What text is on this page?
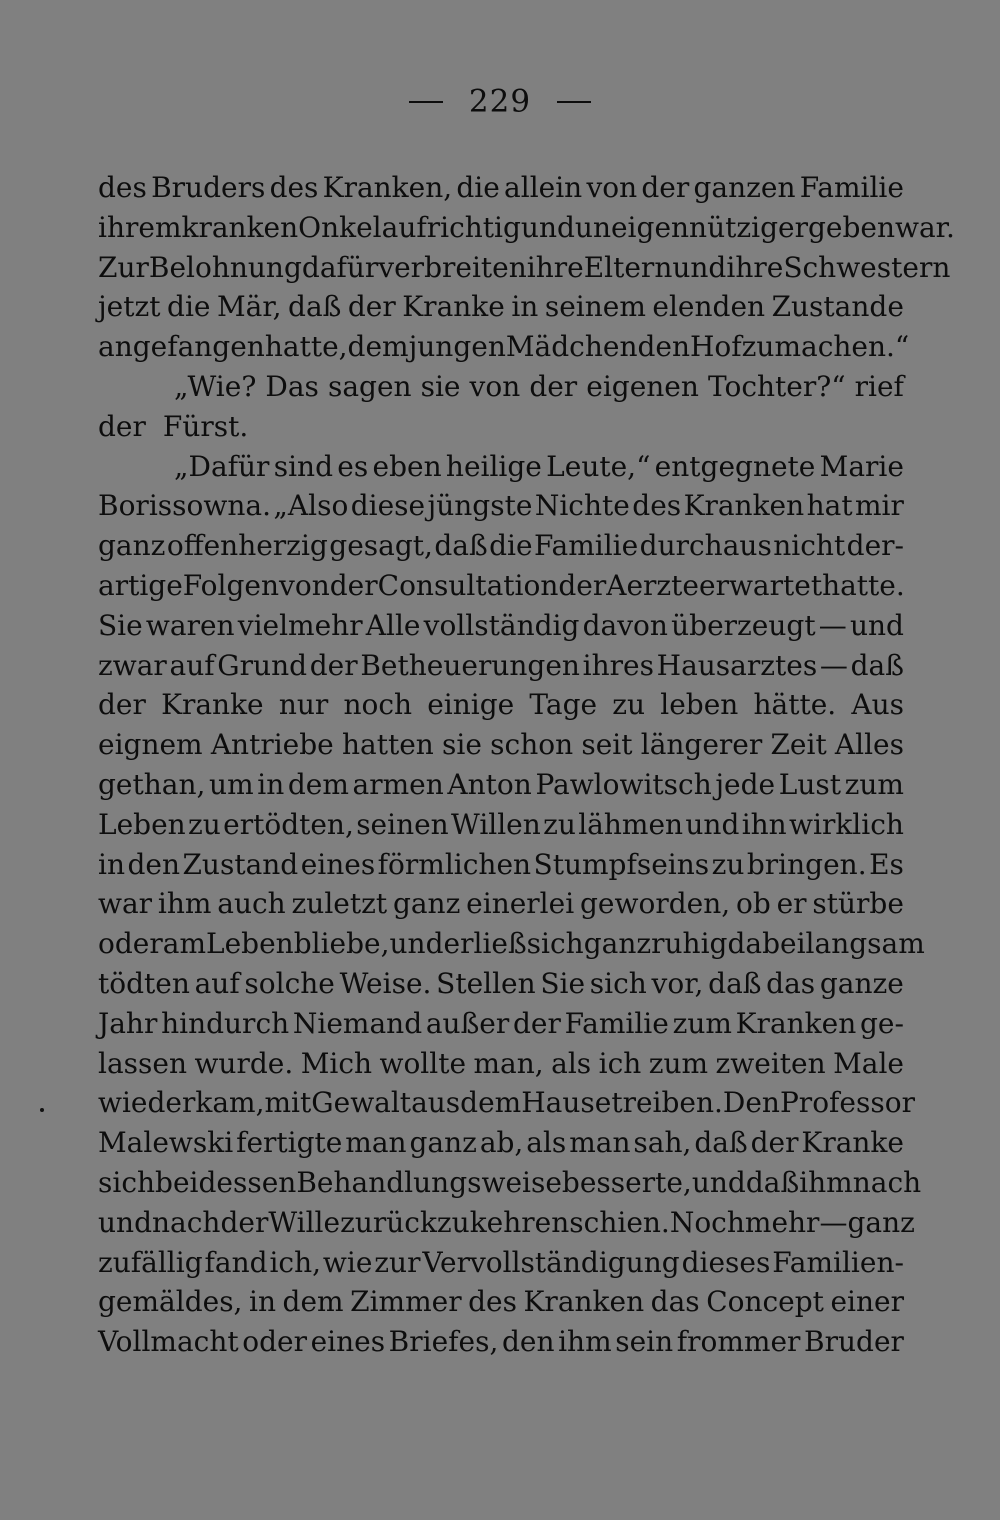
229
des Bruders des Kranken, die allein von der ganzen Familie
ihrem kranken Onkel aufrichtig und uneigennützig ergeben war.
Zur Belohnung dafür verbreiten ihre Eltern und ihre Schwestern
jetzt die Mär, daß der Kranke in seinem elenden Zustande
angefangen hatte, dem jungen Mädchen den Hof zu machen.“
„Wie? Das sagen sie von der eigenen Tochter?“ rief
der Fürst.
„Dafür sind es eben heilige Leute,“ entgegnete Marie
Borissowna. „Also diese jüngste Nichte des Kranken hat mir
ganz offenherzig gesagt, daß die Familie durchaus nicht der-
artige Folgen von der Consultation der Aerzte erwartet hatte.
Sie waren vielmehr Alle vollständig davon überzeugt — und
zwar auf Grund der Betheuerungen ihres Hausarztes — daß
der Kranke nur noch einige Tage zu leben hätte. Aus
eignem Antriebe hatten sie schon seit längerer Zeit Alles
gethan, um in dem armen Anton Pawlowitsch jede Lust zum
Leben zu ertödten, seinen Willen zu lähmen und ihn wirklich
in den Zustand eines förmlichen Stumpfseins zu bringen. Es
war ihm auch zuletzt ganz einerlei geworden, ob er stürbe
oder am Leben bliebe, und er ließ sich ganz ruhig dabei langsam
tödten auf solche Weise. Stellen Sie sich vor, daß das ganze
Jahr hindurch Niemand außer der Familie zum Kranken ge-
lassen wurde. Mich wollte man, als ich zum zweiten Male
wiederkam, mit Gewalt aus dem Hause treiben. Den Professor
Malewski fertigte man ganz ab, als man sah, daß der Kranke
sich bei dessen Behandlungsweise besserte, und daß ihm nach
und nach der Wille zurückzukehren schien. Noch mehr — ganz
zufällig fand ich, wie zur Vervollständigung dieses Familien-
gemäldes, in dem Zimmer des Kranken das Concept einer
Vollmacht oder eines Briefes, den ihm sein frommer Bruder
